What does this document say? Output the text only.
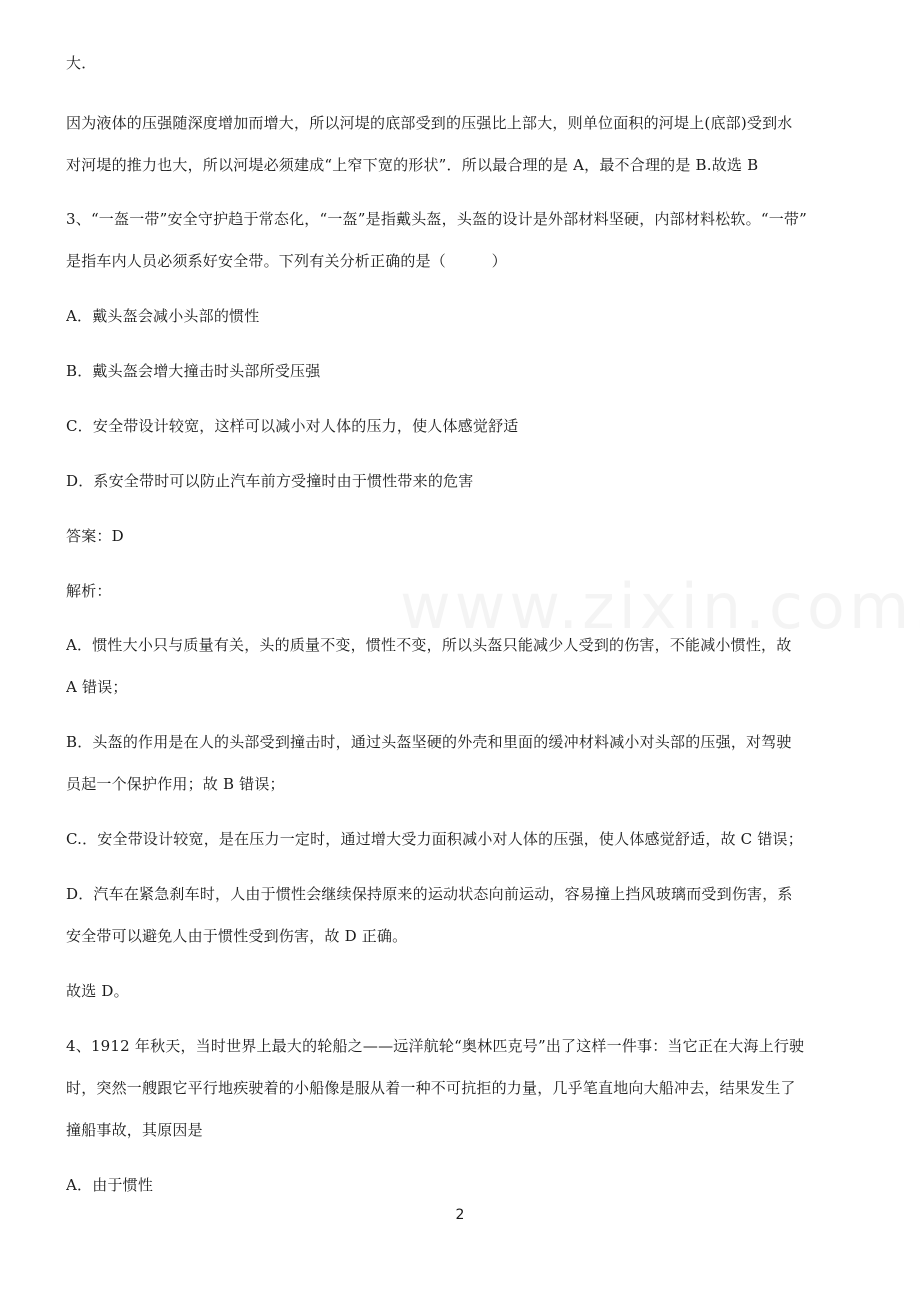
大．
因为液体的压强随深度增加而增大，所以河堤的底部受到的压强比上部大，则单位面积的河堤上(底部)受到水
对河堤的推力也大，所以河堤必须建成“上窄下宽的形状”．所以最合理的是 A，最不合理的是 B.故选 B
3、“一盔一带”安全守护趋于常态化，“一盔”是指戴头盔，头盔的设计是外部材料坚硬，内部材料松软。“一带”
是指车内人员必须系好安全带。下列有关分析正确的是（　　　）
A．戴头盔会减小头部的惯性
B．戴头盔会增大撞击时头部所受压强
C．安全带设计较宽，这样可以减小对人体的压力，使人体感觉舒适
D．系安全带时可以防止汽车前方受撞时由于惯性带来的危害
答案：D
解析：
A．惯性大小只与质量有关，头的质量不变，惯性不变，所以头盔只能减少人受到的伤害，不能减小惯性，故
A 错误；
B．头盔的作用是在人的头部受到撞击时，通过头盔坚硬的外壳和里面的缓冲材料减小对头部的压强，对驾驶
员起一个保护作用；故 B 错误；
C.．安全带设计较宽，是在压力一定时，通过增大受力面积减小对人体的压强，使人体感觉舒适，故 C 错误；
D．汽车在紧急刹车时，人由于惯性会继续保持原来的运动状态向前运动，容易撞上挡风玻璃而受到伤害，系
安全带可以避免人由于惯性受到伤害，故 D 正确。
故选 D。
4、1912 年秋天，当时世界上最大的轮船之——远洋航轮“奥林匹克号”出了这样一件事：当它正在大海上行驶
时，突然一艘跟它平行地疾驶着的小船像是服从着一种不可抗拒的力量，几乎笔直地向大船冲去，结果发生了
撞船事故，其原因是
A．由于惯性
2
